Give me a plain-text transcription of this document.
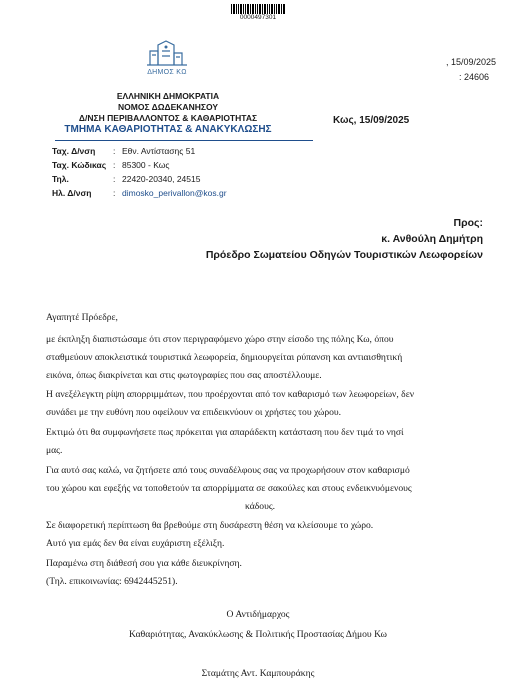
0000497301
ΔΗΜΟΣ ΚΩ
, 15/09/2025
: 24606
ΕΛΛΗΝΙΚΗ ΔΗΜΟΚΡΑΤΙΑ
ΝΟΜΟΣ ΔΩΔΕΚΑΝΗΣΟΥ
Δ/ΝΣΗ ΠΕΡΙΒΑΛΛΟΝΤΟΣ & ΚΑΘΑΡΙΟΤΗΤΑΣ
ΤΜΗΜΑ ΚΑΘΑΡΙΟΤΗΤΑΣ & ΑΝΑΚΥΚΛΩΣΗΣ
Κως, 15/09/2025
Ταχ. Δ/νση : Εθν. Αντίστασης 51
Ταχ. Κώδικας : 85300 - Κως
Τηλ.	: 22420-20340, 24515
Ηλ. Δ/νση	: dimosko_perivallon@kos.gr
Προς:
κ. Ανθούλη Δημήτρη
Πρόεδρο Σωματείου Οδηγών Τουριστικών Λεωφορείων
Αγαπητέ Πρόεδρε,
με έκπληξη διαπιστώσαμε ότι στον περιγραφόμενο χώρο στην είσοδο της πόλης Κω, όπου
σταθμεύουν αποκλειστικά τουριστικά λεωφορεία, δημιουργείται ρύπανση και αντιαισθητική
εικόνα, όπως διακρίνεται και στις φωτογραφίες που σας αποστέλλουμε.
Η ανεξέλεγκτη ρίψη απορριμμάτων, που προέρχονται από τον καθαρισμό των λεωφορείων, δεν
συνάδει με την ευθύνη που οφείλουν να επιδεικνύουν οι χρήστες του χώρου.
Εκτιμώ ότι θα συμφωνήσετε πως πρόκειται για απαράδεκτη κατάσταση που δεν τιμά το νησί
μας.
Για αυτό σας καλώ, να ζητήσετε από τους συναδέλφους σας να προχωρήσουν στον καθαρισμό
του χώρου και εφεξής να τοποθετούν τα απορρίμματα σε σακούλες και στους ενδεικνυόμενους
κάδους.
Σε διαφορετική περίπτωση θα βρεθούμε στη δυσάρεστη θέση να κλείσουμε το χώρο.
Αυτό για εμάς δεν θα είναι ευχάριστη εξέλιξη.
Παραμένω στη διάθεσή σου για κάθε διευκρίνηση.
(Τηλ. επικοινωνίας: 6942445251).
Ο Αντιδήμαρχος
Καθαριότητας, Ανακύκλωσης & Πολιτικής Προστασίας Δήμου Κω
Σταμάτης Αντ. Καμπουράκης
